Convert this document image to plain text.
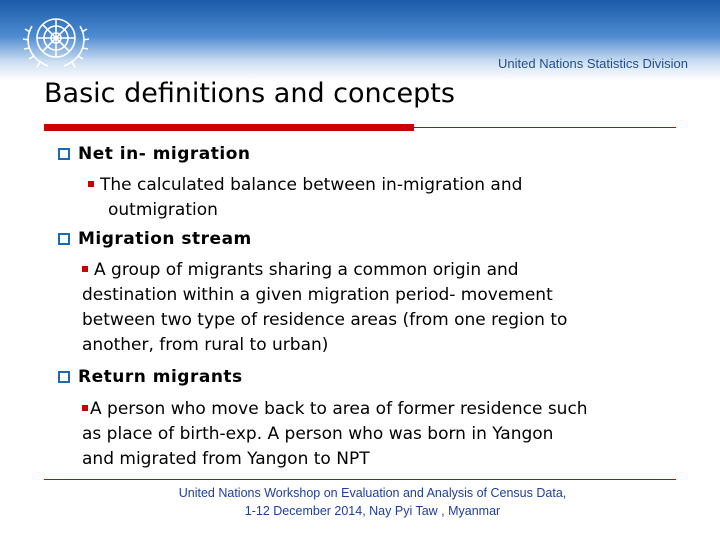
United Nations Statistics Division
Basic definitions and concepts
Net in- migration
The calculated balance between in-migration and
outmigration
Migration stream
A group of migrants sharing a common origin and
destination within a given migration period- movement
between two type of residence areas (from one region to
another, from rural to urban)
Return migrants
A person who move back to area of former residence such
as place of birth-exp. A person who was born in Yangon
and migrated from Yangon to NPT
United Nations Workshop on Evaluation and Analysis of Census Data,
1-12 December 2014, Nay Pyi Taw , Myanmar
